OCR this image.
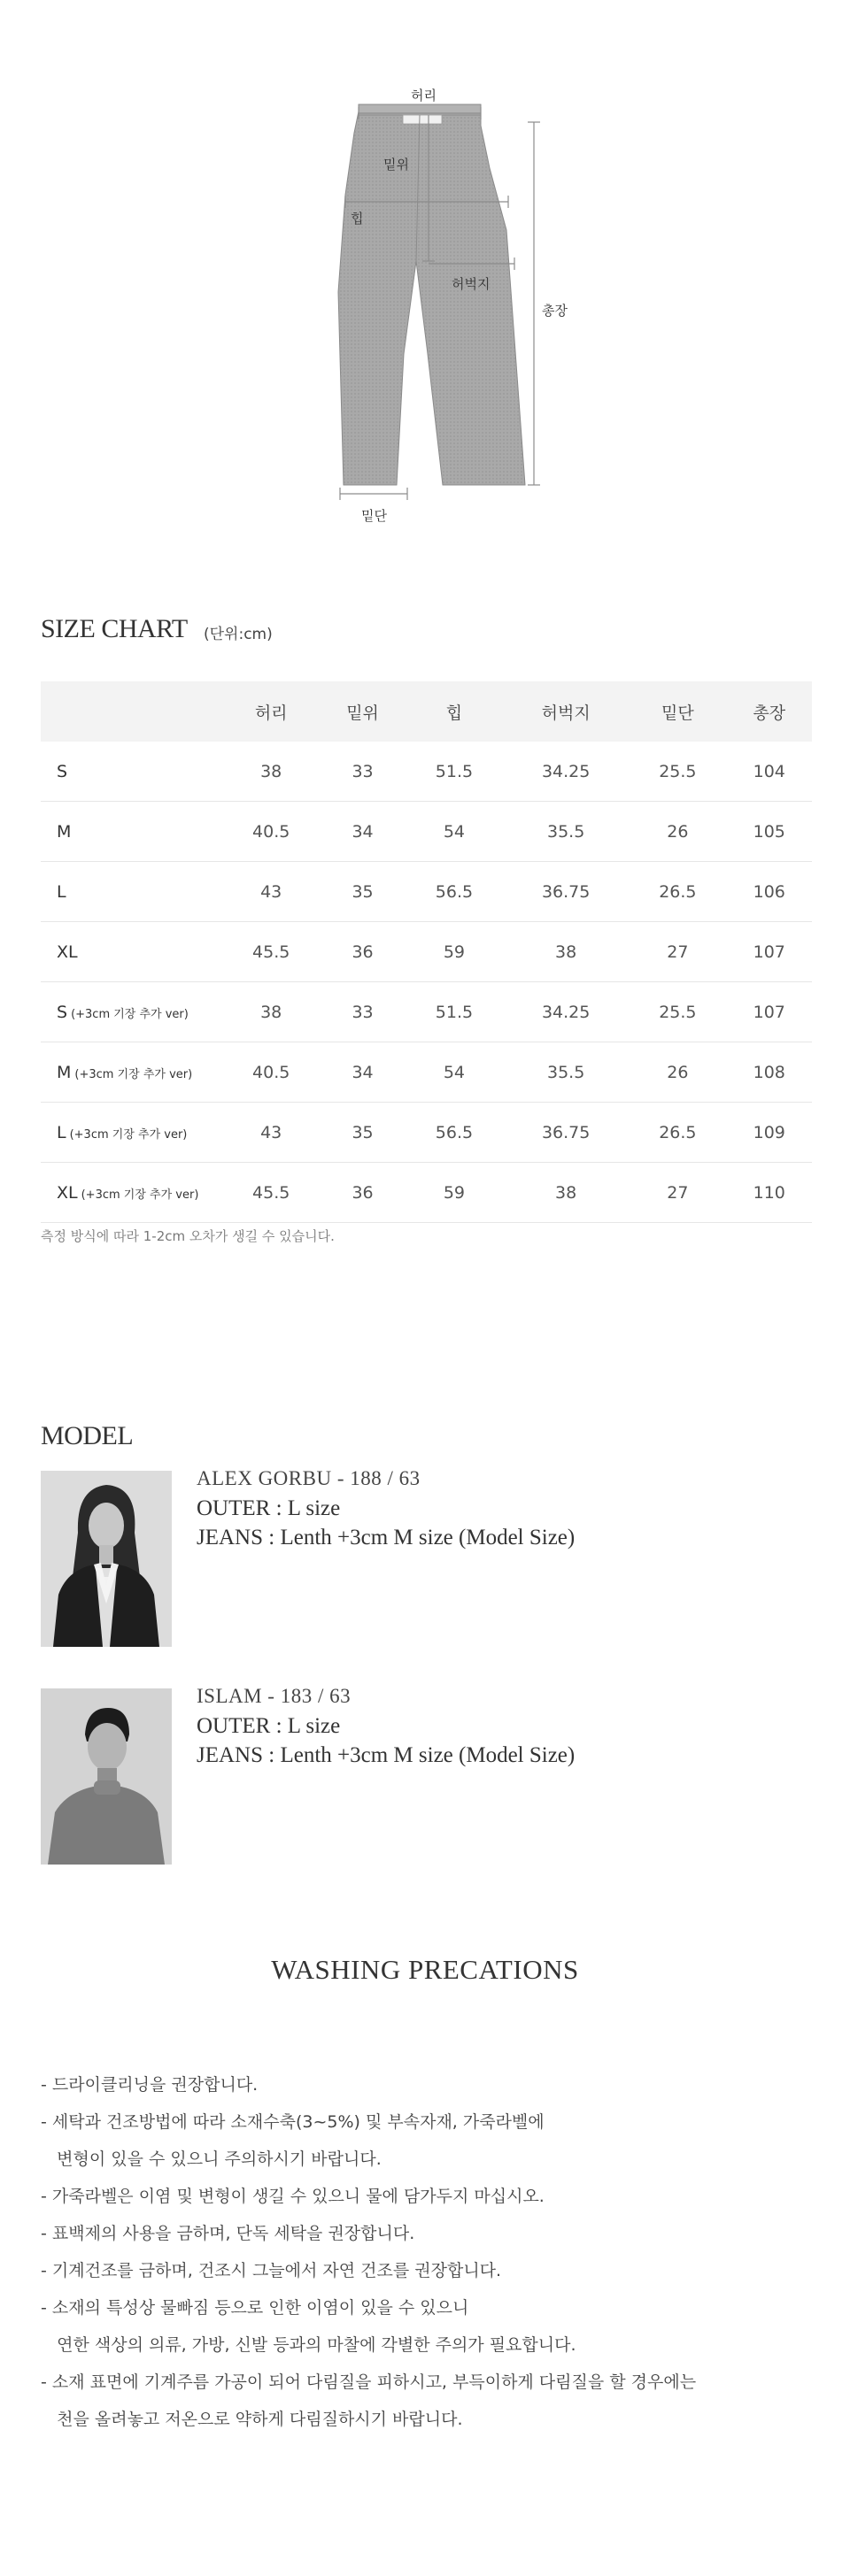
허리
밑위
힙
허벅지
총장
밑단
SIZE CHART (단위:cm)
	허리	밑위	힙	허벅지	밑단	총장
S	38	33	51.5	34.25	25.5	104
M	40.5	34	54	35.5	26	105
L	43	35	56.5	36.75	26.5	106
XL	45.5	36	59	38	27	107
S (+3cm 기장 추가 ver)	38	33	51.5	34.25	25.5	107
M (+3cm 기장 추가 ver)	40.5	34	54	35.5	26	108
L (+3cm 기장 추가 ver)	43	35	56.5	36.75	26.5	109
XL (+3cm 기장 추가 ver)	45.5	36	59	38	27	110
측정 방식에 따라 1-2cm 오차가 생길 수 있습니다.
MODEL
ALEX GORBU - 188 / 63
OUTER : L size
JEANS : Lenth +3cm M size (Model Size)
ISLAM - 183 / 63
OUTER : L size
JEANS : Lenth +3cm M size (Model Size)
WASHING PRECATIONS
- 드라이클리닝을 권장합니다.
- 세탁과 건조방법에 따라 소재수축(3~5%) 및 부속자재, 가죽라벨에
변형이 있을 수 있으니 주의하시기 바랍니다.
- 가죽라벨은 이염 및 변형이 생길 수 있으니 물에 담가두지 마십시오.
- 표백제의 사용을 금하며, 단독 세탁을 권장합니다.
- 기계건조를 금하며, 건조시 그늘에서 자연 건조를 권장합니다.
- 소재의 특성상 물빠짐 등으로 인한 이염이 있을 수 있으니
연한 색상의 의류, 가방, 신발 등과의 마찰에 각별한 주의가 필요합니다.
- 소재 표면에 기계주름 가공이 되어 다림질을 피하시고, 부득이하게 다림질을 할 경우에는
천을 올려놓고 저온으로 약하게 다림질하시기 바랍니다.
